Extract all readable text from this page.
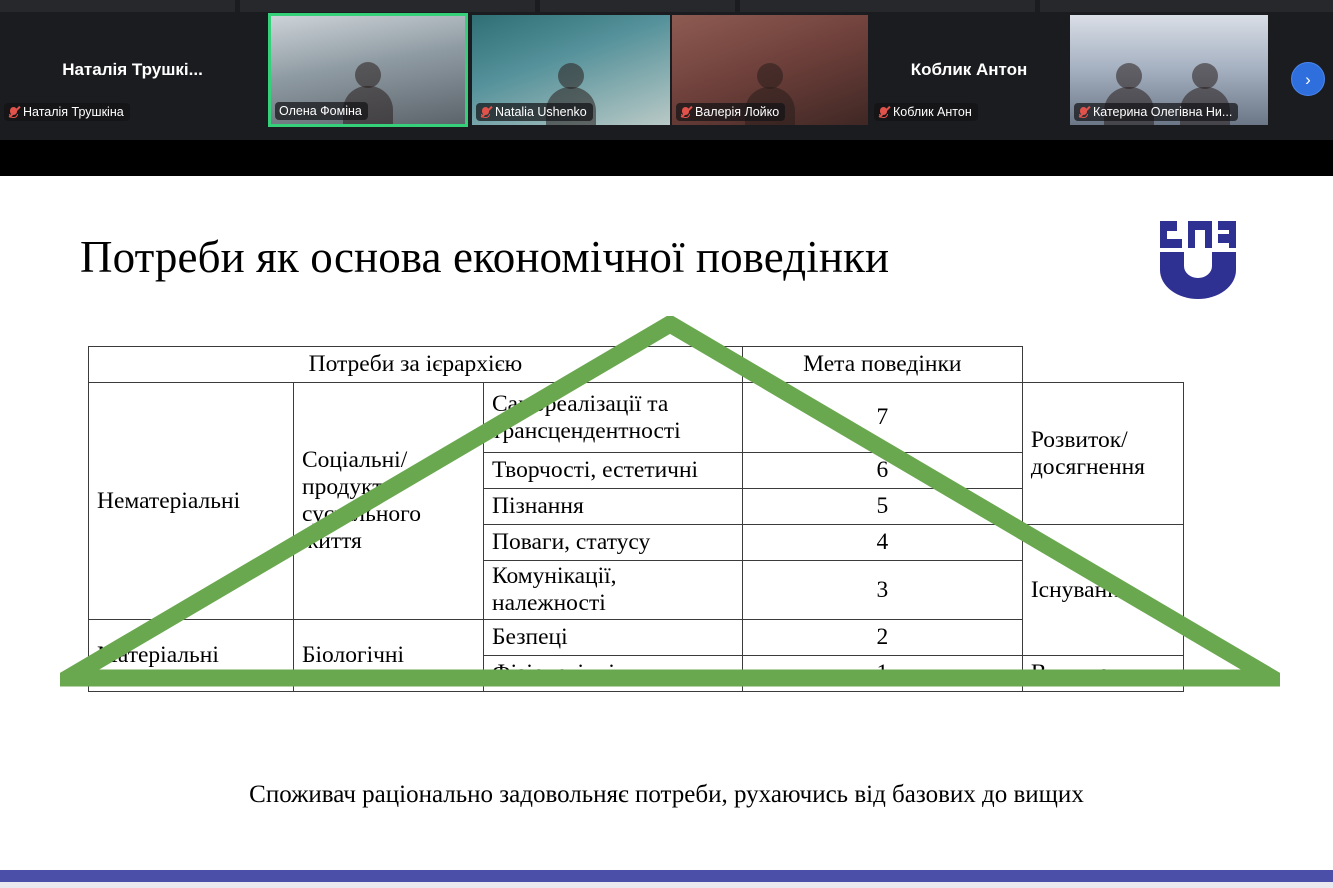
Наталія Трушкі...
Наталія Трушкіна	Олена Фоміна	Natalia Ushenko	Валерія Лойко
Коблик Антон
Коблик Антон	Катерина Олегівна Ни...
›
Потреби як основа економічної поведінки
Потреби за ієрархією			Мета поведінки	
Нематеріальні	Соціальні/ продукт суспільного життя	Самореалізації та трансцендентності	7	Розвиток/ досягнення
		Творчості, естетичні	6	
		Пізнання	5	
		Поваги, статусу	4	Існування
		Комунікації, належності	3	
Матеріальні	Біологічні	Безпеці	2	
		Фізіологічні	1	Виживання
Споживач раціонально задовольняє потреби, рухаючись від базових до вищих
